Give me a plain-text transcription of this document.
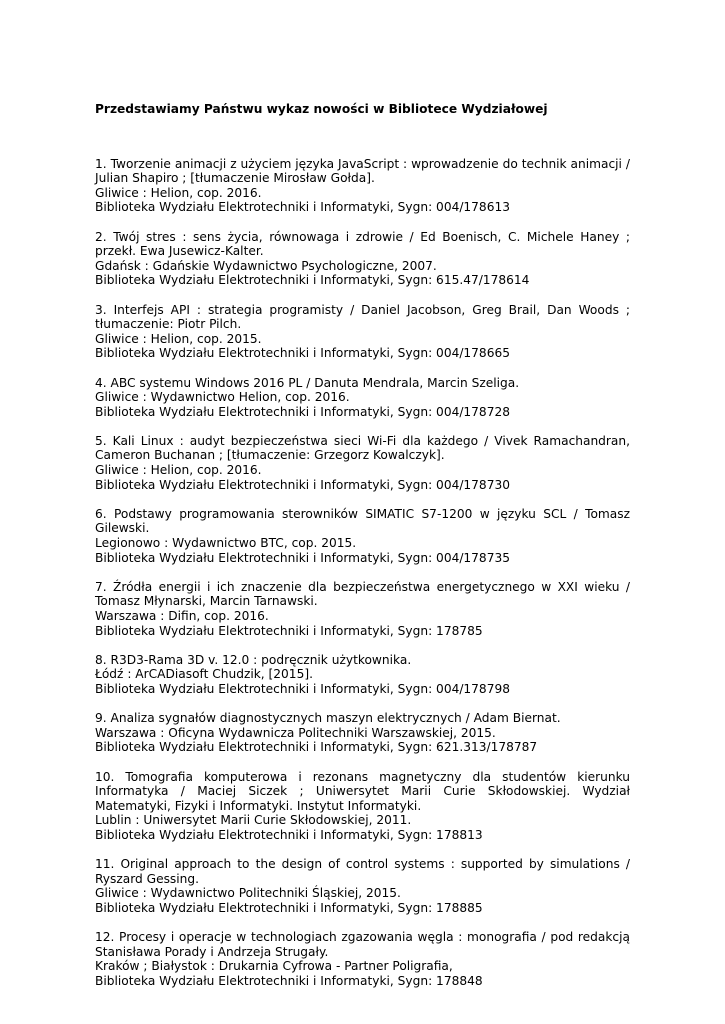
Przedstawiamy Państwu wykaz nowości w Bibliotece Wydziałowej

1. Tworzenie animacji z użyciem języka JavaScript : wprowadzenie do technik animacji / Julian Shapiro ; [tłumaczenie Mirosław Gołda].

Gliwice : Helion, cop. 2016.

Biblioteka Wydziału Elektrotechniki i Informatyki, Sygn: 004/178613

2. Twój stres : sens życia, równowaga i zdrowie / Ed Boenisch, C. Michele Haney ; przekł. Ewa Jusewicz-Kalter.

Gdańsk : Gdańskie Wydawnictwo Psychologiczne, 2007.

Biblioteka Wydziału Elektrotechniki i Informatyki, Sygn: 615.47/178614

3. Interfejs API : strategia programisty / Daniel Jacobson, Greg Brail, Dan Woods ; tłumaczenie: Piotr Pilch.

Gliwice : Helion, cop. 2015.

Biblioteka Wydziału Elektrotechniki i Informatyki, Sygn: 004/178665

4. ABC systemu Windows 2016 PL / Danuta Mendrala, Marcin Szeliga.

Gliwice : Wydawnictwo Helion, cop. 2016.

Biblioteka Wydziału Elektrotechniki i Informatyki, Sygn: 004/178728

5. Kali Linux : audyt bezpieczeństwa sieci Wi-Fi dla każdego / Vivek Ramachandran, Cameron Buchanan ; [tłumaczenie: Grzegorz Kowalczyk].

Gliwice : Helion, cop. 2016.

Biblioteka Wydziału Elektrotechniki i Informatyki, Sygn: 004/178730

6. Podstawy programowania sterowników SIMATIC S7-1200 w języku SCL / Tomasz Gilewski.

Legionowo : Wydawnictwo BTC, cop. 2015.

Biblioteka Wydziału Elektrotechniki i Informatyki, Sygn: 004/178735

7. Źródła energii i ich znaczenie dla bezpieczeństwa energetycznego w XXI wieku / Tomasz Młynarski, Marcin Tarnawski.

Warszawa : Difin, cop. 2016.

Biblioteka Wydziału Elektrotechniki i Informatyki, Sygn: 178785

8. R3D3-Rama 3D v. 12.0 : podręcznik użytkownika.

Łódź : ArCADiasoft Chudzik, [2015].

Biblioteka Wydziału Elektrotechniki i Informatyki, Sygn: 004/178798

9. Analiza sygnałów diagnostycznych maszyn elektrycznych / Adam Biernat.

Warszawa : Oficyna Wydawnicza Politechniki Warszawskiej, 2015.

Biblioteka Wydziału Elektrotechniki i Informatyki, Sygn: 621.313/178787

10. Tomografia komputerowa i rezonans magnetyczny dla studentów kierunku Informatyka / Maciej Siczek ; Uniwersytet Marii Curie Skłodowskiej. Wydział Matematyki, Fizyki i Informatyki. Instytut Informatyki.

Lublin : Uniwersytet Marii Curie Skłodowskiej, 2011.

Biblioteka Wydziału Elektrotechniki i Informatyki, Sygn: 178813

11. Original approach to the design of control systems : supported by simulations / Ryszard Gessing.

Gliwice : Wydawnictwo Politechniki Śląskiej, 2015.

Biblioteka Wydziału Elektrotechniki i Informatyki, Sygn: 178885

12. Procesy i operacje w technologiach zgazowania węgla : monografia / pod redakcją Stanisława Porady i Andrzeja Strugały.

Kraków ; Białystok : Drukarnia Cyfrowa - Partner Poligrafia,

Biblioteka Wydziału Elektrotechniki i Informatyki, Sygn: 178848
